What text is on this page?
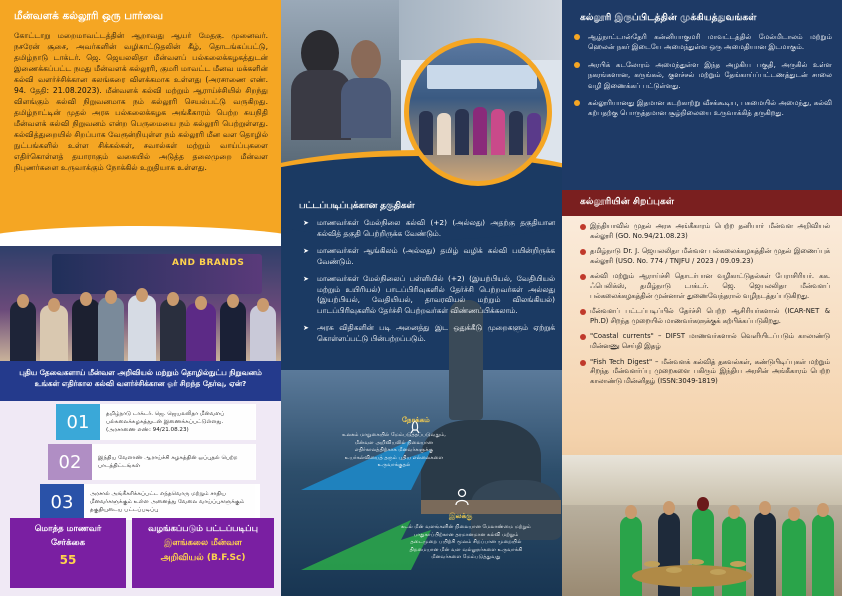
மீன்வளக் கல்லூரி ஒரு பார்வை

கோட்டாறு மறைமாவட்டத்தின் ஆறாவது ஆயர் மேதகு. முனைவர். நசரேன் சூசை, அவர்களின் வழிகாட்டுதலின் கீழ், தொடங்கப்பட்டு, தமிழ்நாடு டாக்டர். ஜெ. ஜெயலலிதா மீன்வளப் பல்கலைக்கழகத்துடன் இணைக்கப்பட்ட நமது மீன்வளக் கல்லூரி, குமரி மாவட்ட மீனவ மக்களின் கல்வி வளர்ச்சிக்கான கலங்கரை விளக்கமாக உள்ளது (அரசாணை எண். 94. தேதி: 21.08.2023). மீன்வளக் கல்வி மற்றும் ஆராய்ச்சியில் சிறந்து விளங்கும் கல்வி நிறுவனமாக நம் கல்லூரி செயல்பட்டு வருகிறது. தமிழ்நாட்டின் முதல் அரசு பல்கலைக்கழக அங்கீகாரம் பெற்ற சுயநிதி மீன்வளக் கல்வி நிறுவனம் என்ற பெருமையை நம் கல்லூரி பெற்றுள்ளது. கல்வித்துறையில் சிறப்பாக வேரூன்றியுள்ள நம் கல்லூரி மீன வள தொழில் நுட்பங்களில் உள்ள சிக்கல்கள், சவால்கள் மற்றும் வாய்ப்புகளை எதிர்கொள்ளத் தயாராகும் வகையில் அடுத்த தலைமுறை மீன்வள நிபுணர்களை உருவாக்கும் நோக்கில் உறுதியாக உள்ளது.

AND BRANDS
புதிய தேவைகளாய் மீன்வள அறிவியல் மற்றும் தொழில்நுட்ப நிறுவனம் உங்கள் எதிர்கால கல்வி வளர்ச்சிக்கான ஓர் சிறந்த தேர்வு, ஏன்?
01	தமிழ்நாடு டாக்டர். ஜெ. ஜெயலலிதா மீன்வளப் பல்கலைக்கழகத்துடன் இணைக்கப்பட்டுள்ளது.
(அரசாணை எண்: 94/21.08.23)
02	இந்திய வேளாண் ஆராய்ச்சி கழகத்தின் ஒப்புதல் பெற்ற பாடத்திட்டங்கள்
03	அரசால் அங்கீகரிக்கப்பட்ட எந்தவொரு மற்றும் சாதிய மீனவர்களுக்கும் உள்ள அனைத்து வேலை வாய்ப்புகளுக்கும் தகுதியுடைய பட்டப்படிப்பு
மொத்த மாணவர்
சேர்க்கை
55
வழங்கப்படும் பட்டப்படிப்பு
இளங்கலை மீன்வள
அறிவியல் (B.F.Sc)
பட்டப்படிப்புக்கான தகுதிகள்
➤ மாணவர்கள் மேல்நிலை கல்வி (+2) (அல்லது) அதற்கு தகுதியான கல்வித் தகுதி பெற்றிருக்க வேண்டும்.
➤ மாணவர்கள் ஆங்கிலம் (அல்லது) தமிழ் வழிக் கல்வி பயின்றிருக்க வேண்டும்.
➤ மாணவர்கள் மேல்நிலைப் பள்ளியில் (+2) (இயற்பியல், வேதியியல் மற்றும் உயிரியல்) பாடப்பிரிவுகளில் தேர்ச்சி பெற்றவர்கள் அல்லது (இயற்பியல், வேதியியல், தாவரவியல் மற்றும் விலங்கியல்) பாடப்பிரிவுகளில் தேர்ச்சி பெற்றவர்கள் விண்ணப்பிக்கலாம்.
➤ அரசு விதிகளின் படி அனைத்து இட ஒதுக்கீடு முறைகளும் ஏற்றுக் கொள்ளப்பட்டு பின்பற்றப்படும்.
நோக்கம்
உலகம் மாறுகையில் மேம்படுத்தப்படுவதும், மீன்வள அறிவியலில் நிலையான எதிர்காலத்திற்காக மீனவர்களுக்கு உயர்கல்வியைத் தரும் புதிய எல்லைகளை உருவாக்குதல்
இலக்கு
கடல் மீன் வளங்களின் நிலையான மேலாண்மை மற்றும் பாதுகாப்பிற்கான தரமானமான கல்வி மற்றும் தடைமுறை பயிற்சி மூலம் சிறப்பான முறையில் திறமையான மீன் வள வல்லுநர்களை உருவாக்கி மீனவர்களை மேம்படுத்துவது
கல்லூரி இருப்பிடத்தின் முக்கியத்துவங்கள்
ஆழ்நாட்டான்தேரி கன்னியாகுமரி மாவட்டத்தில் மேல்மிடாலம் மற்றும் ஹெலன் நகர் இடையே அமைந்துள்ள ஒரு அமைதியான இடமாகும்.
அரபிக் கடலோரம் அமைந்துள்ள இந்த அழகிய பகுதி, அருகில் உள்ள நகரங்களான, கருங்கல், குளச்சல் மற்றும் தேங்காய்ப்பட்டணத்துடன் சாலை வழி இணைக்கப் பட்டுள்ளது.
கல்லூரியானது இதமான கடற்காற்று வீசக்கூடிய, பசுமையில் அமைந்து, கல்வி கற்பதற்கு பொருத்தமான சூழ்நிலையை உருவாக்கித் தருகிறது.
கல்லூரியின் சிறப்புகள்
இந்தியாவில் முதல் அரசு அங்கீகாரம் பெற்ற தனியார் மீன்வள அறிவியல் கல்லூரி (GO. No.94/21.08.23)
தமிழ்நாடு Dr. J. ஜெயலலிதா மீன்வள பல்கலைக்கழகத்தின் முதல் இணைப்புக் கல்லூரி (USO. No. 774 / TNJFU / 2023 / 09.09.23)
கல்வி மற்றும் ஆராய்ச்சி தொடர்பான வழிகாட்டுதல்கள் பேராசிரியர். கக. ஃபெலிக்ஸ், தமிழ்நாடு டாக்டர். ஜெ. ஜெயலலிதா மீன்வளப் பல்கலைக்கழகத்தின் முன்னாள் துணைவேந்தரால் வழிநடத்தப்படுகிறது.
மீன்வளப் பட்டப்படிப்பில் தேர்ச்சி பெற்ற ஆசிரியர்களால் (ICAR-NET & Ph.D) சிறந்த முறையில் மாணவர்களுக்குக் கற்பிக்கப்படுகிறது.
"Coastal currents" – DIFST மாணவர்களால் வெளியிடப்படும் காலாண்டு மின்னணு செய்தி இதழ்
"Fish Tech Digest" – மீன்வளக் கல்வித் தகவல்கள், கண்டுபிடிப்புகள் மற்றும் சிறந்த மீன்வளர்ப்பு முறைகளை பகிரும் இந்திய அரசின் அங்கீகாரம் பெற்ற காலாண்டு மின்னிதழ் (ISSN:3049-1819)
